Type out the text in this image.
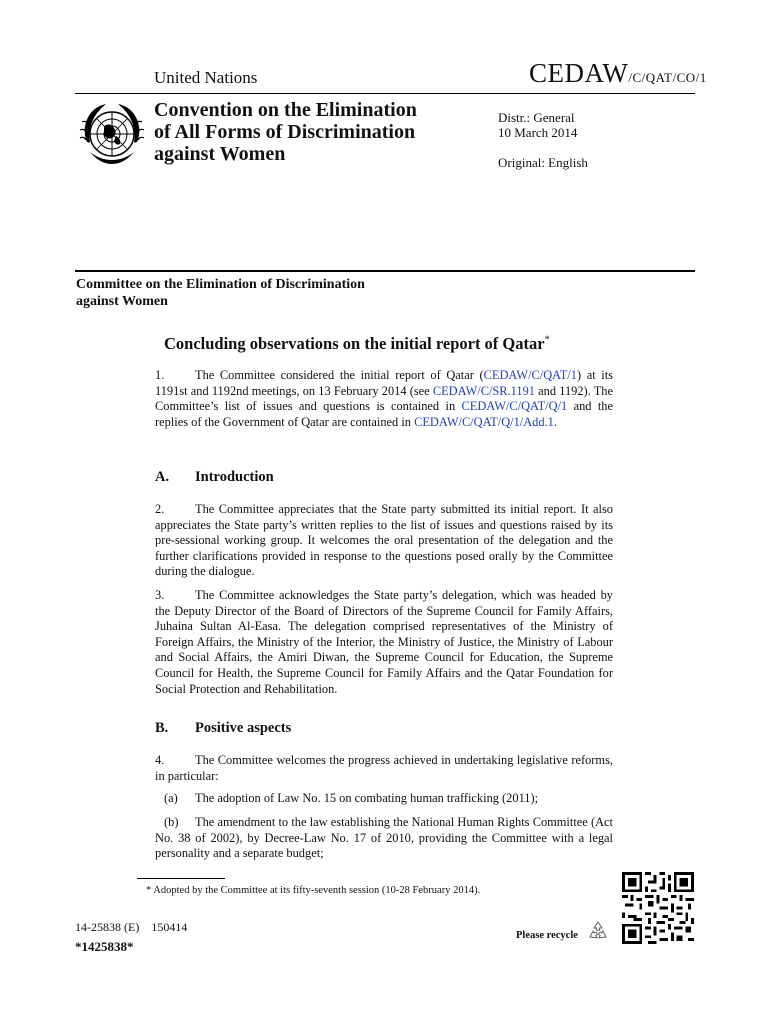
United Nations	CEDAW/C/QAT/CO/1
Convention on the Elimination
of All Forms of Discrimination
against Women
Distr.: General
10 March 2014
Original: English
Committee on the Elimination of Discrimination
against Women
Concluding observations on the initial report of Qatar*
1. The Committee considered the initial report of Qatar (CEDAW/C/QAT/1) at its 1191st and 1192nd meetings, on 13 February 2014 (see CEDAW/C/SR.1191 and 1192). The Committee’s list of issues and questions is contained in CEDAW/C/QAT/Q/1 and the replies of the Government of Qatar are contained in CEDAW/C/QAT/Q/1/Add.1.
A. Introduction
2. The Committee appreciates that the State party submitted its initial report. It also appreciates the State party’s written replies to the list of issues and questions raised by its pre-sessional working group. It welcomes the oral presentation of the delegation and the further clarifications provided in response to the questions posed orally by the Committee during the dialogue.
3. The Committee acknowledges the State party’s delegation, which was headed by the Deputy Director of the Board of Directors of the Supreme Council for Family Affairs, Juhaina Sultan Al-Easa. The delegation comprised representatives of the Ministry of Foreign Affairs, the Ministry of the Interior, the Ministry of Justice, the Ministry of Labour and Social Affairs, the Amiri Diwan, the Supreme Council for Education, the Supreme Council for Health, the Supreme Council for Family Affairs and the Qatar Foundation for Social Protection and Rehabilitation.
B. Positive aspects
4. The Committee welcomes the progress achieved in undertaking legislative reforms, in particular:
(a) The adoption of Law No. 15 on combating human trafficking (2011);
(b) The amendment to the law establishing the National Human Rights Committee (Act No. 38 of 2002), by Decree-Law No. 17 of 2010, providing the Committee with a legal personality and a separate budget;
* Adopted by the Committee at its fifty-seventh session (10-28 February 2014).
14-25838 (E)    150414
*1425838*
Please recycle
